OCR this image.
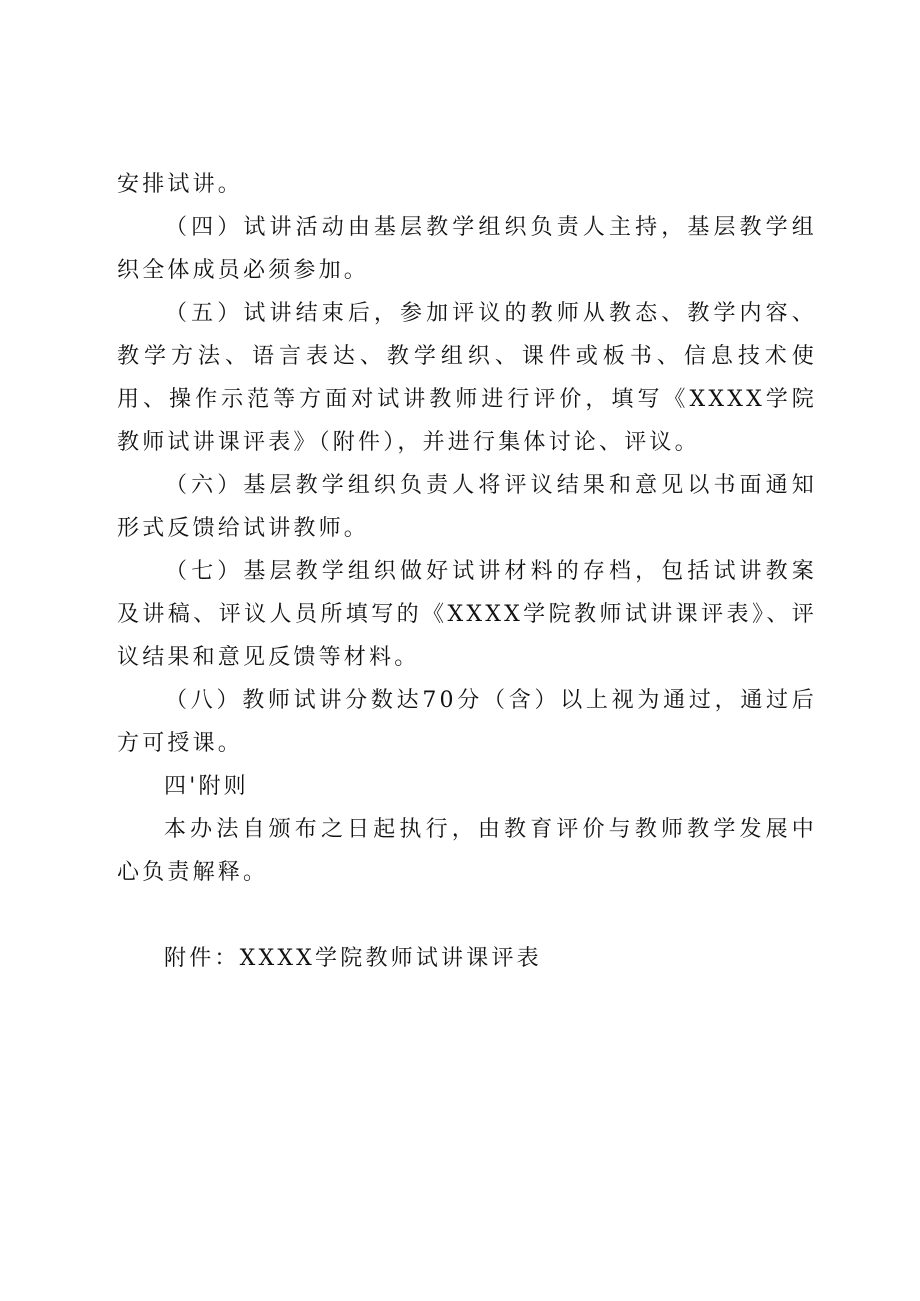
安排试讲。

（四）试讲活动由基层教学组织负责人主持，基层教学组织全体成员必须参加。

（五）试讲结束后，参加评议的教师从教态、教学内容、教学方法、语言表达、教学组织、课件或板书、信息技术使用、操作示范等方面对试讲教师进行评价，填写《XXXX学院教师试讲课评表》（附件），并进行集体讨论、评议。

（六）基层教学组织负责人将评议结果和意见以书面通知形式反馈给试讲教师。

（七）基层教学组织做好试讲材料的存档，包括试讲教案及讲稿、评议人员所填写的《XXXX学院教师试讲课评表》、评议结果和意见反馈等材料。

（八）教师试讲分数达70分（含）以上视为通过，通过后方可授课。

四'附则

本办法自颁布之日起执行，由教育评价与教师教学发展中心负责解释。

附件：XXXX学院教师试讲课评表
